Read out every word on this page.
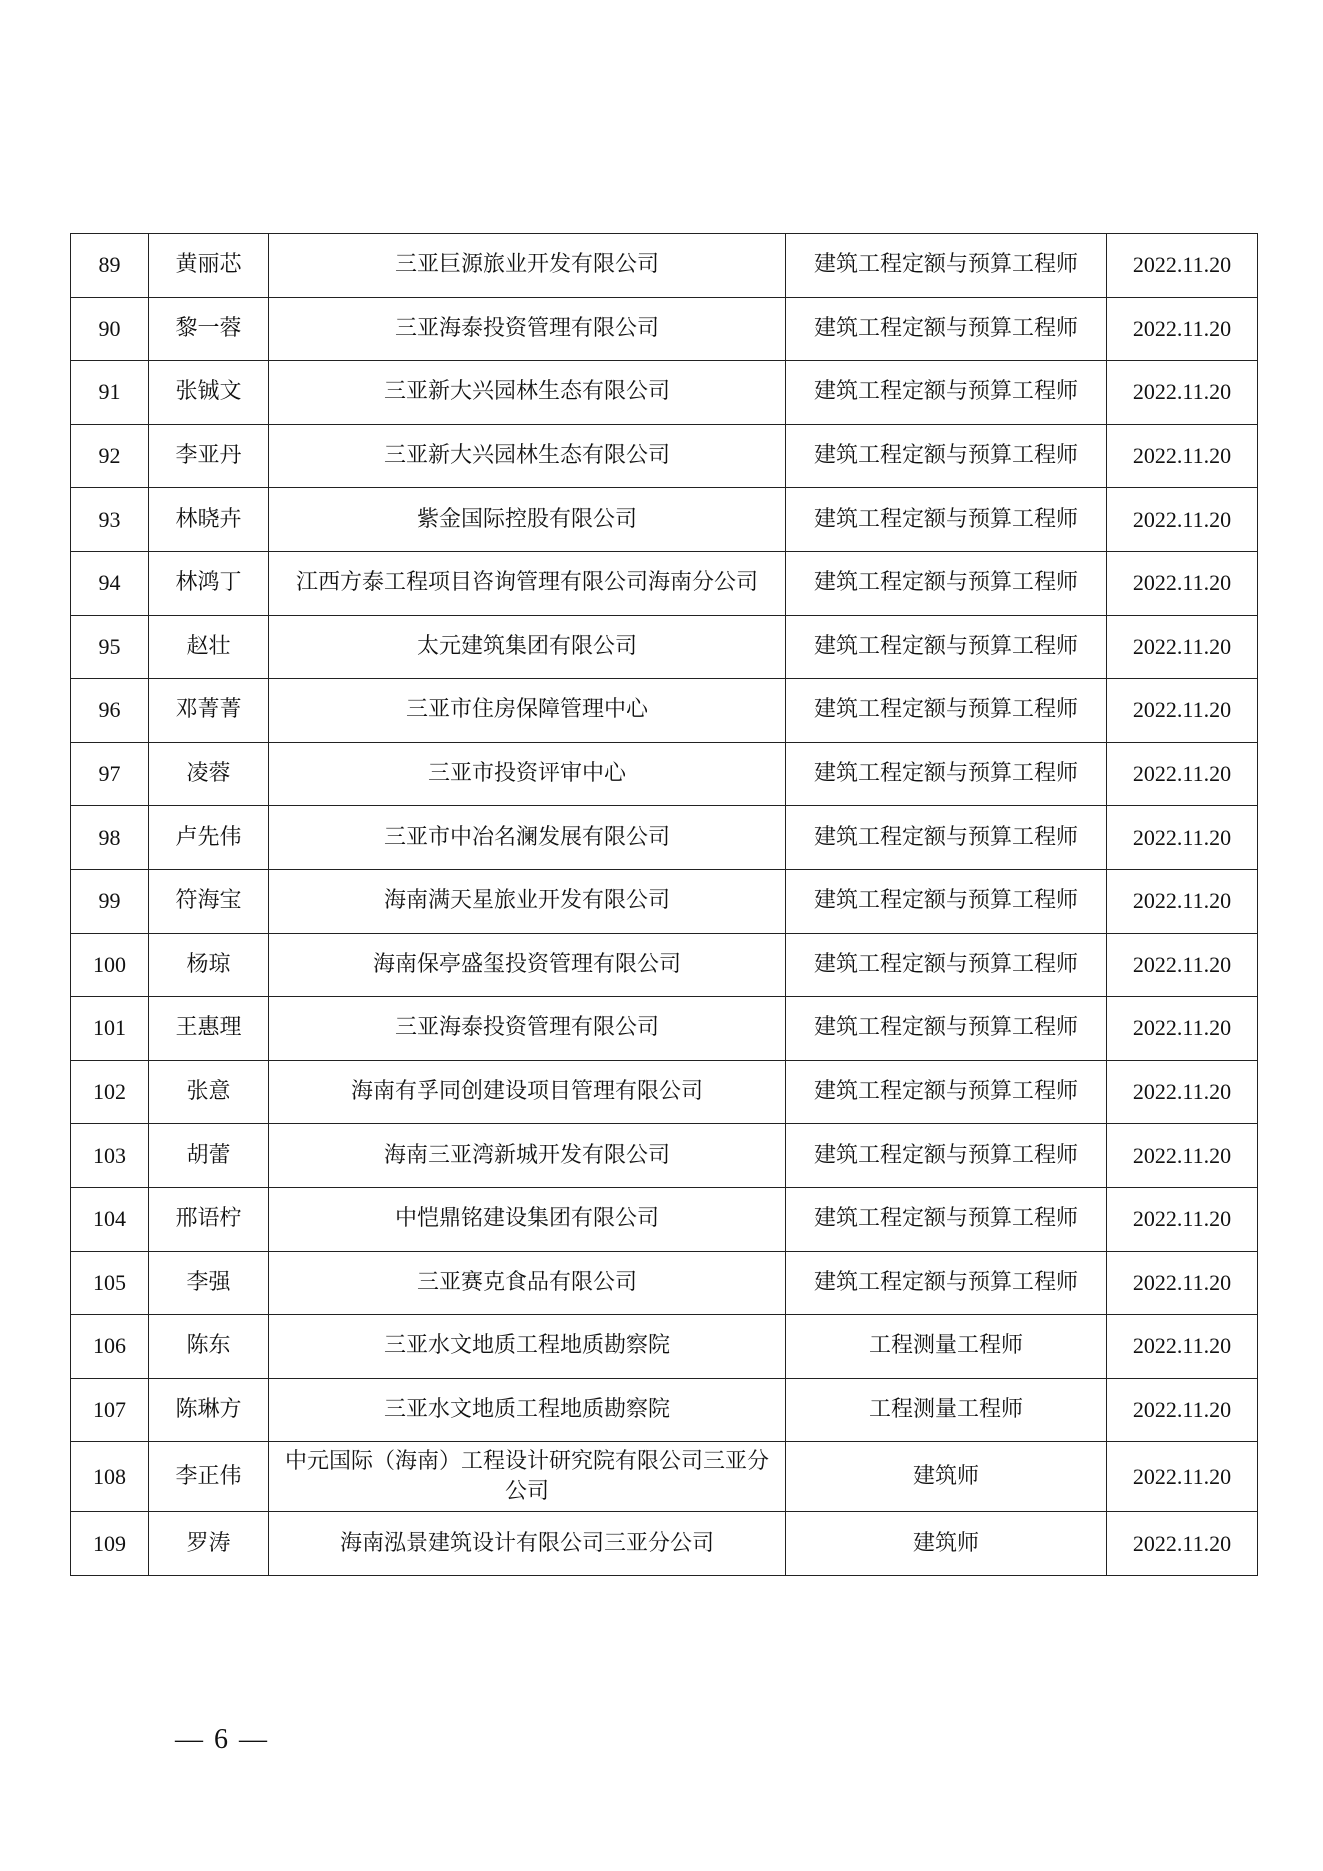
89	黄丽芯	三亚巨源旅业开发有限公司	建筑工程定额与预算工程师	2022.11.20
90	黎一蓉	三亚海泰投资管理有限公司	建筑工程定额与预算工程师	2022.11.20
91	张铖文	三亚新大兴园林生态有限公司	建筑工程定额与预算工程师	2022.11.20
92	李亚丹	三亚新大兴园林生态有限公司	建筑工程定额与预算工程师	2022.11.20
93	林晓卉	紫金国际控股有限公司	建筑工程定额与预算工程师	2022.11.20
94	林鸿丁	江西方泰工程项目咨询管理有限公司海南分公司	建筑工程定额与预算工程师	2022.11.20
95	赵壮	太元建筑集团有限公司	建筑工程定额与预算工程师	2022.11.20
96	邓菁菁	三亚市住房保障管理中心	建筑工程定额与预算工程师	2022.11.20
97	凌蓉	三亚市投资评审中心	建筑工程定额与预算工程师	2022.11.20
98	卢先伟	三亚市中冶名澜发展有限公司	建筑工程定额与预算工程师	2022.11.20
99	符海宝	海南满天星旅业开发有限公司	建筑工程定额与预算工程师	2022.11.20
100	杨琼	海南保亭盛玺投资管理有限公司	建筑工程定额与预算工程师	2022.11.20
101	王惠理	三亚海泰投资管理有限公司	建筑工程定额与预算工程师	2022.11.20
102	张意	海南有孚同创建设项目管理有限公司	建筑工程定额与预算工程师	2022.11.20
103	胡蕾	海南三亚湾新城开发有限公司	建筑工程定额与预算工程师	2022.11.20
104	邢语柠	中恺鼎铭建设集团有限公司	建筑工程定额与预算工程师	2022.11.20
105	李强	三亚赛克食品有限公司	建筑工程定额与预算工程师	2022.11.20
106	陈东	三亚水文地质工程地质勘察院	工程测量工程师	2022.11.20
107	陈琳方	三亚水文地质工程地质勘察院	工程测量工程师	2022.11.20
108	李正伟	中元国际（海南）工程设计研究院有限公司三亚分公司	建筑师	2022.11.20
109	罗涛	海南泓景建筑设计有限公司三亚分公司	建筑师	2022.11.20
— 6 —
